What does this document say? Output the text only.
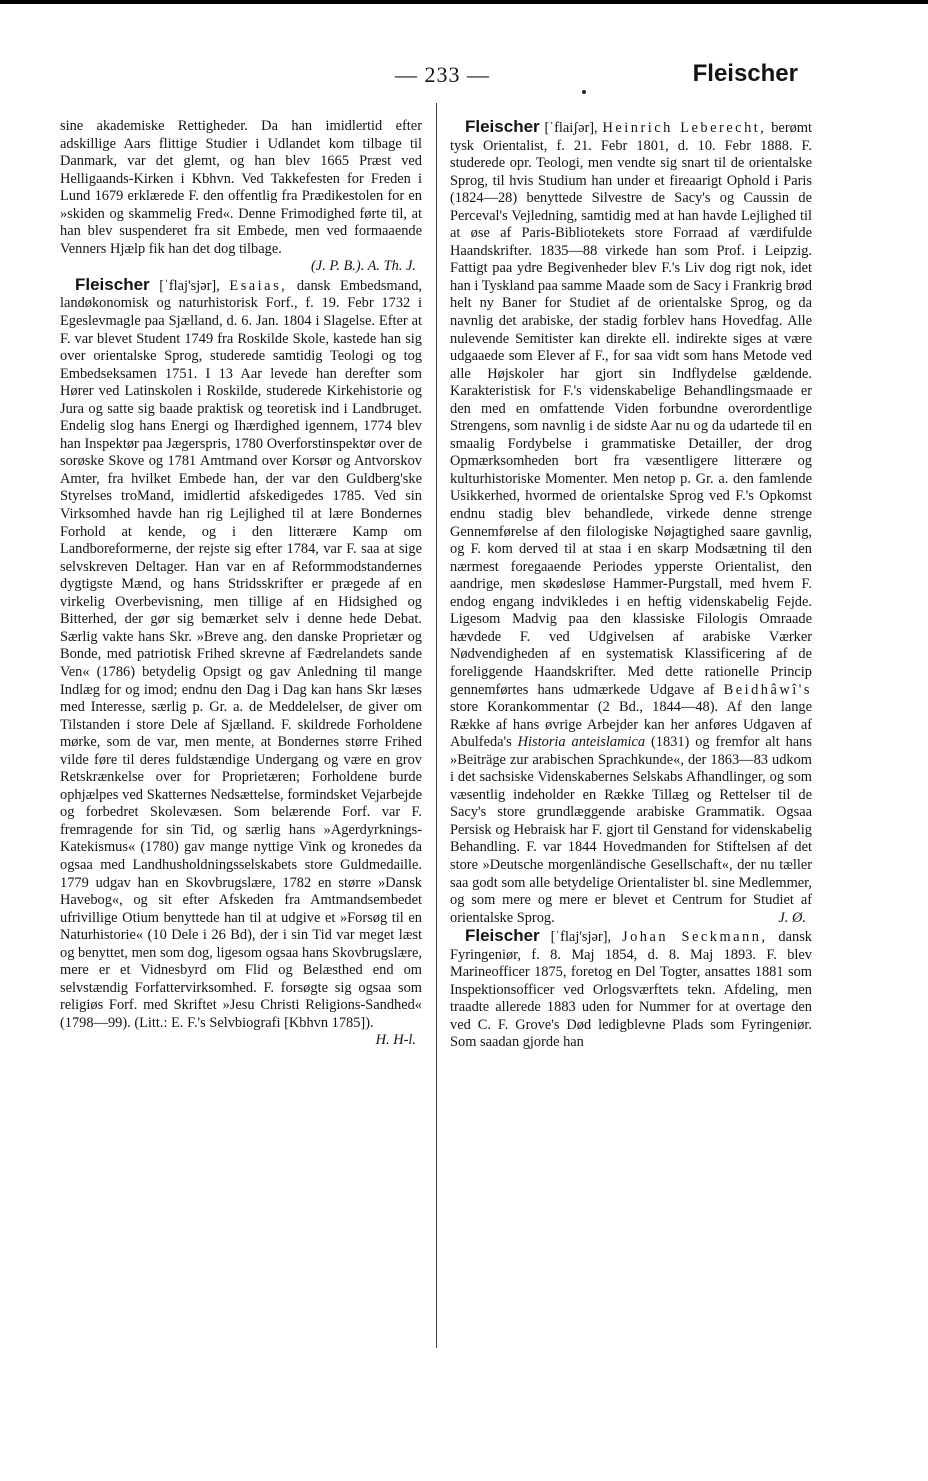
— 233 —	Fleischer

sine akademiske Rettigheder. Da han imidlertid efter adskillige Aars flittige Studier i Udlandet kom tilbage til Danmark, var det glemt, og han blev 1665 Præst ved Helligaands-Kirken i Kbhvn. Ved Takkefesten for Freden i Lund 1679 erklærede F. den offentlig fra Prædikestolen for en »skiden og skammelig Fred«. Denne Frimodighed førte til, at han blev suspenderet fra sit Embede, men ved formaaende Venners Hjælp fik han det dog tilbage.

(J. P. B.). A. Th. J.

Fleischer [ˈflaj'sjər], Esaias, dansk Embedsmand, landøkonomisk og naturhistorisk Forf., f. 19. Febr 1732 i Egeslevmagle paa Sjælland, d. 6. Jan. 1804 i Slagelse. Efter at F. var blevet Student 1749 fra Roskilde Skole, kastede han sig over orientalske Sprog, studerede samtidig Teologi og tog Embedseksamen 1751. I 13 Aar levede han derefter som Hører ved Latinskolen i Roskilde, studerede Kirkehistorie og Jura og satte sig baade praktisk og teoretisk ind i Landbruget. Endelig slog hans Energi og Ihærdighed igennem, 1774 blev han Inspektør paa Jægerspris, 1780 Overforstinspektør over de sorøske Skove og 1781 Amtmand over Korsør og Antvorskov Amter, fra hvilket Embede han, der var den Guldberg'ske Styrelses troMand, imidlertid afskedigedes 1785. Ved sin Virksomhed havde han rig Lejlighed til at lære Bondernes Forhold at kende, og i den litterære Kamp om Landboreformerne, der rejste sig efter 1784, var F. saa at sige selvskreven Deltager. Han var en af Reformmodstandernes dygtigste Mænd, og hans Stridsskrifter er prægede af en virkelig Overbevisning, men tillige af en Hidsighed og Bitterhed, der gør sig bemærket selv i denne hede Debat. Særlig vakte hans Skr. »Breve ang. den danske Proprietær og Bonde, med patriotisk Frihed skrevne af Fædrelandets sande Ven« (1786) betydelig Opsigt og gav Anledning til mange Indlæg for og imod; endnu den Dag i Dag kan hans Skr læses med Interesse, særlig p. Gr. a. de Meddelelser, de giver om Tilstanden i store Dele af Sjælland. F. skildrede Forholdene mørke, som de var, men mente, at Bondernes større Frihed vilde føre til deres fuldstændige Undergang og være en grov Retskrænkelse over for Proprietæren; Forholdene burde ophjælpes ved Skatternes Nedsættelse, formindsket Vejarbejde og forbedret Skolevæsen. Som belærende Forf. var F. fremragende for sin Tid, og særlig hans »Agerdyrknings-Katekismus« (1780) gav mange nyttige Vink og kronedes da ogsaa med Landhusholdningsselskabets store Guldmedaille. 1779 udgav han en Skovbrugslære, 1782 en større »Dansk Havebog«, og sit efter Afskeden fra Amtmandsembedet ufrivillige Otium benyttede han til at udgive et »Forsøg til en Naturhistorie« (10 Dele i 26 Bd), der i sin Tid var meget læst og benyttet, men som dog, ligesom ogsaa hans Skovbrugslære, mere er et Vidnesbyrd om Flid og Belæsthed end om selvstændig Forfattervirksomhed. F. forsøgte sig ogsaa som religiøs Forf. med Skriftet »Jesu Christi Religions-Sandhed« (1798—99). (Litt.: E. F.'s Selvbiografi [Kbhvn 1785]).
H. H-l.

Fleischer [ˈflaiʃər], Heinrich Leberecht, berømt tysk Orientalist, f. 21. Febr 1801, d. 10. Febr 1888. F. studerede opr. Teologi, men vendte sig snart til de orientalske Sprog, til hvis Studium han under et fireaarigt Ophold i Paris (1824—28) benyttede Silvestre de Sacy's og Caussin de Perceval's Vejledning, samtidig med at han havde Lejlighed til at øse af Paris-Bibliotekets store Forraad af værdifulde Haandskrifter. 1835—88 virkede han som Prof. i Leipzig. Fattigt paa ydre Begivenheder blev F.'s Liv dog rigt nok, idet han i Tyskland paa samme Maade som de Sacy i Frankrig brød helt ny Baner for Studiet af de orientalske Sprog, og da navnlig det arabiske, der stadig forblev hans Hovedfag. Alle nulevende Semitister kan direkte ell. indirekte siges at være udgaaede som Elever af F., for saa vidt som hans Metode ved alle Højskoler har gjort sin Indflydelse gældende. Karakteristisk for F.'s videnskabelige Behandlingsmaade er den med en omfattende Viden forbundne overordentlige Strengens, som navnlig i de sidste Aar nu og da udartede til en smaalig Fordybelse i grammatiske Detailler, der drog Opmærksomheden bort fra væsentligere litterære og kulturhistoriske Momenter. Men netop p. Gr. a. den famlende Usikkerhed, hvormed de orientalske Sprog ved F.'s Opkomst endnu stadig blev behandlede, virkede denne strenge Gennemførelse af den filologiske Nøjagtighed saare gavnlig, og F. kom derved til at staa i en skarp Modsætning til den nærmest foregaaende Periodes ypperste Orientalist, den aandrige, men skødesløse Hammer-Purgstall, med hvem F. endog engang indvikledes i en heftig videnskabelig Fejde. Ligesom Madvig paa den klassiske Filologis Omraade hævdede F. ved Udgivelsen af arabiske Værker Nødvendigheden af en systematisk Klassificering af de foreliggende Haandskrifter. Med dette rationelle Princip gennemførtes hans udmærkede Udgave af Beidhâwî's store Korankommentar (2 Bd., 1844—48). Af den lange Række af hans øvrige Arbejder kan her anføres Udgaven af Abulfeda's Historia anteislamica (1831) og fremfor alt hans »Beiträge zur arabischen Sprachkunde«, der 1863—83 udkom i det sachsiske Videnskabernes Selskabs Afhandlinger, og som væsentlig indeholder en Række Tillæg og Rettelser til de Sacy's store grundlæggende arabiske Grammatik. Ogsaa Persisk og Hebraisk har F. gjort til Genstand for videnskabelig Behandling. F. var 1844 Hovedmanden for Stiftelsen af det store »Deutsche morgenländische Gesellschaft«, der nu tæller saa godt som alle betydelige Orientalister bl. sine Medlemmer, og som mere og mere er blevet et Centrum for Studiet af orientalske Sprog.	J. Ø.

Fleischer [ˈflaj'sjər], Johan Seckmann, dansk Fyringeniør, f. 8. Maj 1854, d. 8. Maj 1893. F. blev Marineofficer 1875, foretog en Del Togter, ansattes 1881 som Inspektionsofficer ved Orlogsværftets tekn. Afdeling, men traadte allerede 1883 uden for Nummer for at overtage den ved C. F. Grove's Død ledigblevne Plads som Fyringeniør. Som saadan gjorde han
